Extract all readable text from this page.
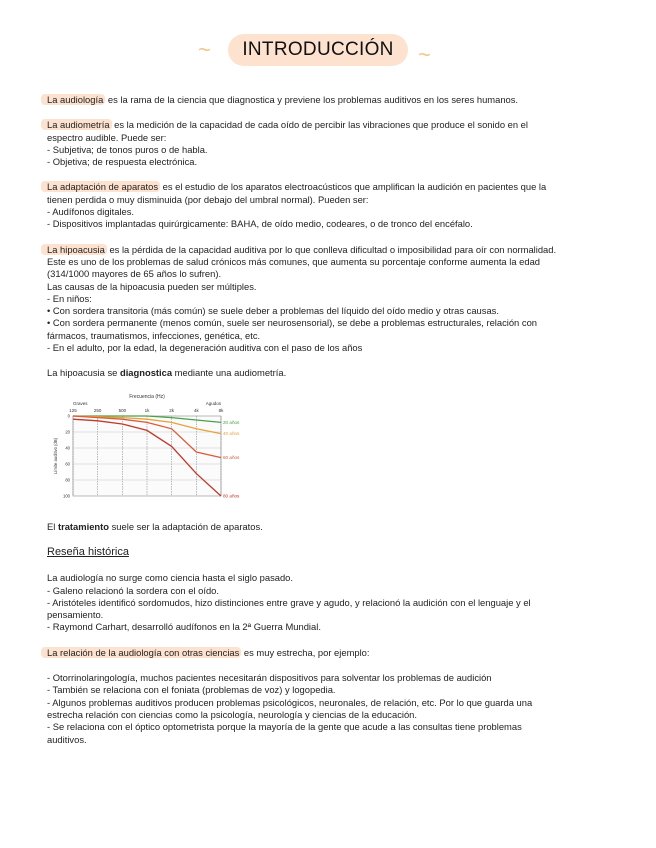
~	INTRODUCCIÓN	~

La audiología es la rama de la ciencia que diagnostica y previene los problemas auditivos en los seres humanos.

La audiometría es la medición de la capacidad de cada oído de percibir las vibraciones que produce el sonido en el
espectro audible. Puede ser:
- Subjetiva; de tonos puros o de habla.
- Objetiva; de respuesta electrónica.

La adaptación de aparatos es el estudio de los aparatos electroacústicos que amplifican la audición en pacientes que la
tienen perdida o muy disminuida (por debajo del umbral normal). Pueden ser:
- Audífonos digitales.
- Dispositivos implantadas quirúrgicamente: BAHA, de oído medio, codeares, o de tronco del encéfalo.

La hipoacusia es la pérdida de la capacidad auditiva por lo que conlleva dificultad o imposibilidad para oír con normalidad.
Este es uno de los problemas de salud crónicos más comunes, que aumenta su porcentaje conforme aumenta la edad
(314/1000 mayores de 65 años lo sufren).
Las causas de la hipoacusia pueden ser múltiples.
- En niños:
• Con sordera transitoria (más común) se suele deber a problemas del líquido del oído medio y otras causas.
• Con sordera permanente (menos común, suele ser neurosensorial), se debe a problemas estructurales, relación con
fármacos, traumatismos, infecciones, genética, etc.
- En el adulto, por la edad, la degeneración auditiva con el paso de los años

La hipoacusia se diagnostica mediante una audiometría.

Frecuencia (Hz)
Graves	Agudos
125	250	500	1k	2k	4k	8k
0
20
40
60
80
100
Límite auditivo (dB)
20 años
40 años
60 años
80 años

El tratamiento suele ser la adaptación de aparatos.

Reseña histórica

La audiología no surge como ciencia hasta el siglo pasado.
- Galeno relacionó la sordera con el oído.
- Aristóteles identificó sordomudos, hizo distinciones entre grave y agudo, y relacionó la audición con el lenguaje y el
pensamiento.
- Raymond Carhart, desarrolló audífonos en la 2ª Guerra Mundial.

La relación de la audiología con otras ciencias es muy estrecha, por ejemplo:

- Otorrinolaringología, muchos pacientes necesitarán dispositivos para solventar los problemas de audición
- También se relaciona con el foniata (problemas de voz) y logopedia.
- Algunos problemas auditivos producen problemas psicológicos, neuronales, de relación, etc. Por lo que guarda una
estrecha relación con ciencias como la psicología, neurología y ciencias de la educación.
- Se relaciona con el óptico optometrista porque la mayoría de la gente que acude a las consultas tiene problemas
auditivos.
